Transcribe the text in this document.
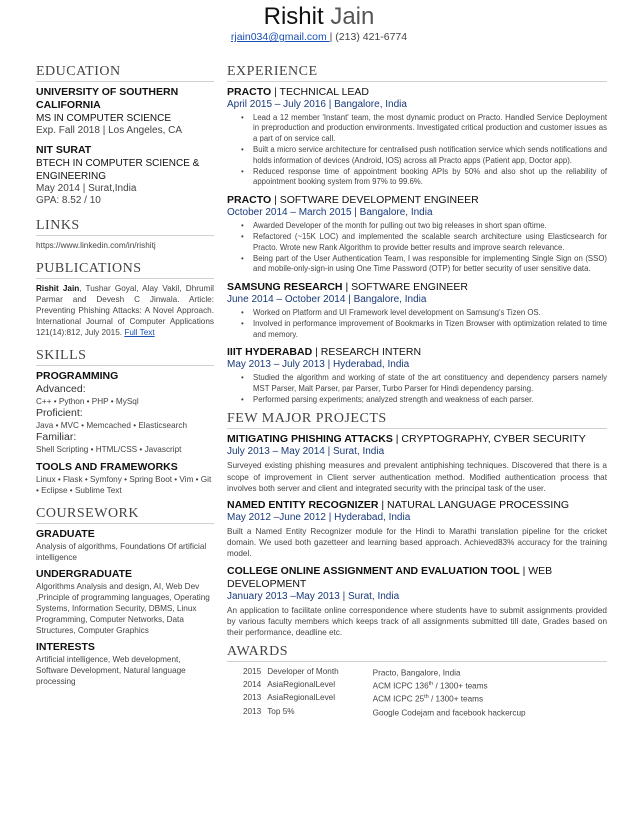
Rishit Jain
rjain034@gmail.com | (213) 421-6774
EDUCATION
UNIVERSITY OF SOUTHERN CALIFORNIA
MS IN COMPUTER SCIENCE
Exp. Fall 2018 | Los Angeles, CA
NIT SURAT
BTECH IN COMPUTER SCIENCE & ENGINEERING
May 2014 | Surat,India
GPA: 8.52 / 10
LINKS
https://www.linkedin.com/in/rishitj
PUBLICATIONS
Rishit Jain, Tushar Goyal, Alay Vakil, Dhrumil Parmar and Devesh C Jinwala. Article: Preventing Phishing Attacks: A Novel Approach. International Journal of Computer Applications 121(14):812, July 2015. Full Text
SKILLS
PROGRAMMING
Advanced:
C++ • Python • PHP • MySql
Proficient:
Java • MVC • Memcached • Elasticsearch
Familiar:
Shell Scripting • HTML/CSS • Javascript
TOOLS AND FRAMEWORKS
Linux • Flask • Symfony • Spring Boot • Vim • Git • Eclipse • Sublime Text
COURSEWORK
GRADUATE
Analysis of algorithms, Foundations Of artificial intelligence
UNDERGRADUATE
Algorithms Analysis and design, AI, Web Dev ,Principle of programming languages, Operating Systems, Information Security, DBMS, Linux Programming, Computer Networks, Data Structures, Computer Graphics
INTERESTS
Artificial intelligence, Web development, Software Development, Natural language processing
EXPERIENCE
PRACTO | TECHNICAL LEAD
April 2015 – July 2016 | Bangalore, India
• Lead a 12 member 'Instant' team, the most dynamic product on Practo. Handled Service Deployment in preproduction and production environments. Investigated critical production and customer issues as a part of on service call.
• Built a micro service architecture for centralised push notification service which sends notifications and holds information of devices (Android, IOS) across all Practo apps (Patient app, Doctor app).
• Reduced response time of appointment booking APIs by 50% and also shot up the reliability of appointment booking system from 97% to 99.6%.
PRACTO | SOFTWARE DEVELOPMENT ENGINEER
October 2014 – March 2015 | Bangalore, India
• Awarded Developer of the month for pulling out two big releases in short span oftime.
• Refactored (~15K LOC) and implemented the scalable search architecture using Elasticsearch for Practo. Wrote new Rank Algorithm to provide better results and improve search relevance.
• Being part of the User Authentication Team, I was responsible for implementing Single Sign on (SSO) and mobile-only-sign-in using One Time Password (OTP) for better security of user sensitive data.
SAMSUNG RESEARCH | SOFTWARE ENGINEER
June 2014 – October 2014 | Bangalore, India
• Worked on Platform and UI Framework level development on Samsung's Tizen OS.
• Involved in performance improvement of Bookmarks in Tizen Browser with optimization related to time and memory.
IIIT HYDERABAD | RESEARCH INTERN
May 2013 – July 2013 | Hyderabad, India
• Studied the algorithm and working of state of the art constituency and dependency parsers namely MST Parser, Malt Parser, par Parser, Turbo Parser for Hindi dependency parsing.
• Performed parsing experiments; analyzed strength and weakness of each parser.
FEW MAJOR PROJECTS
MITIGATING PHISHING ATTACKS | CRYPTOGRAPHY, CYBER SECURITY
July 2013 – May 2014 | Surat, India
Surveyed existing phishing measures and prevalent antiphishing techniques. Discovered that there is a scope of improvement in Client server authentication method. Modified authentication process that involves both server and client and integrated security with the principal task of the user.
NAMED ENTITY RECOGNIZER | NATURAL LANGUAGE PROCESSING
May 2012 –June 2012 | Hyderabad, India
Built a Named Entity Recognizer module for the Hindi to Marathi translation pipeline for the cricket domain. We used both gazetteer and learning based approach. Achieved83% accuracy for the training model.
COLLEGE ONLINE ASSIGNMENT AND EVALUATION TOOL | WEB DEVELOPMENT
January 2013 –May 2013 | Surat, India
An application to facilitate online correspondence where students have to submit assignments provided by various faculty members which keeps track of all assignments submitted till date, Grades based on their performance, deadline etc.
AWARDS
2015	Developer of Month	Practo, Bangalore, India
2014	AsiaRegionalLevel	ACM ICPC 136th / 1300+ teams
2013	AsiaRegionalLevel	ACM ICPC 25th / 1300+ teams
2013	Top 5%	Google Codejam and facebook hackercup
